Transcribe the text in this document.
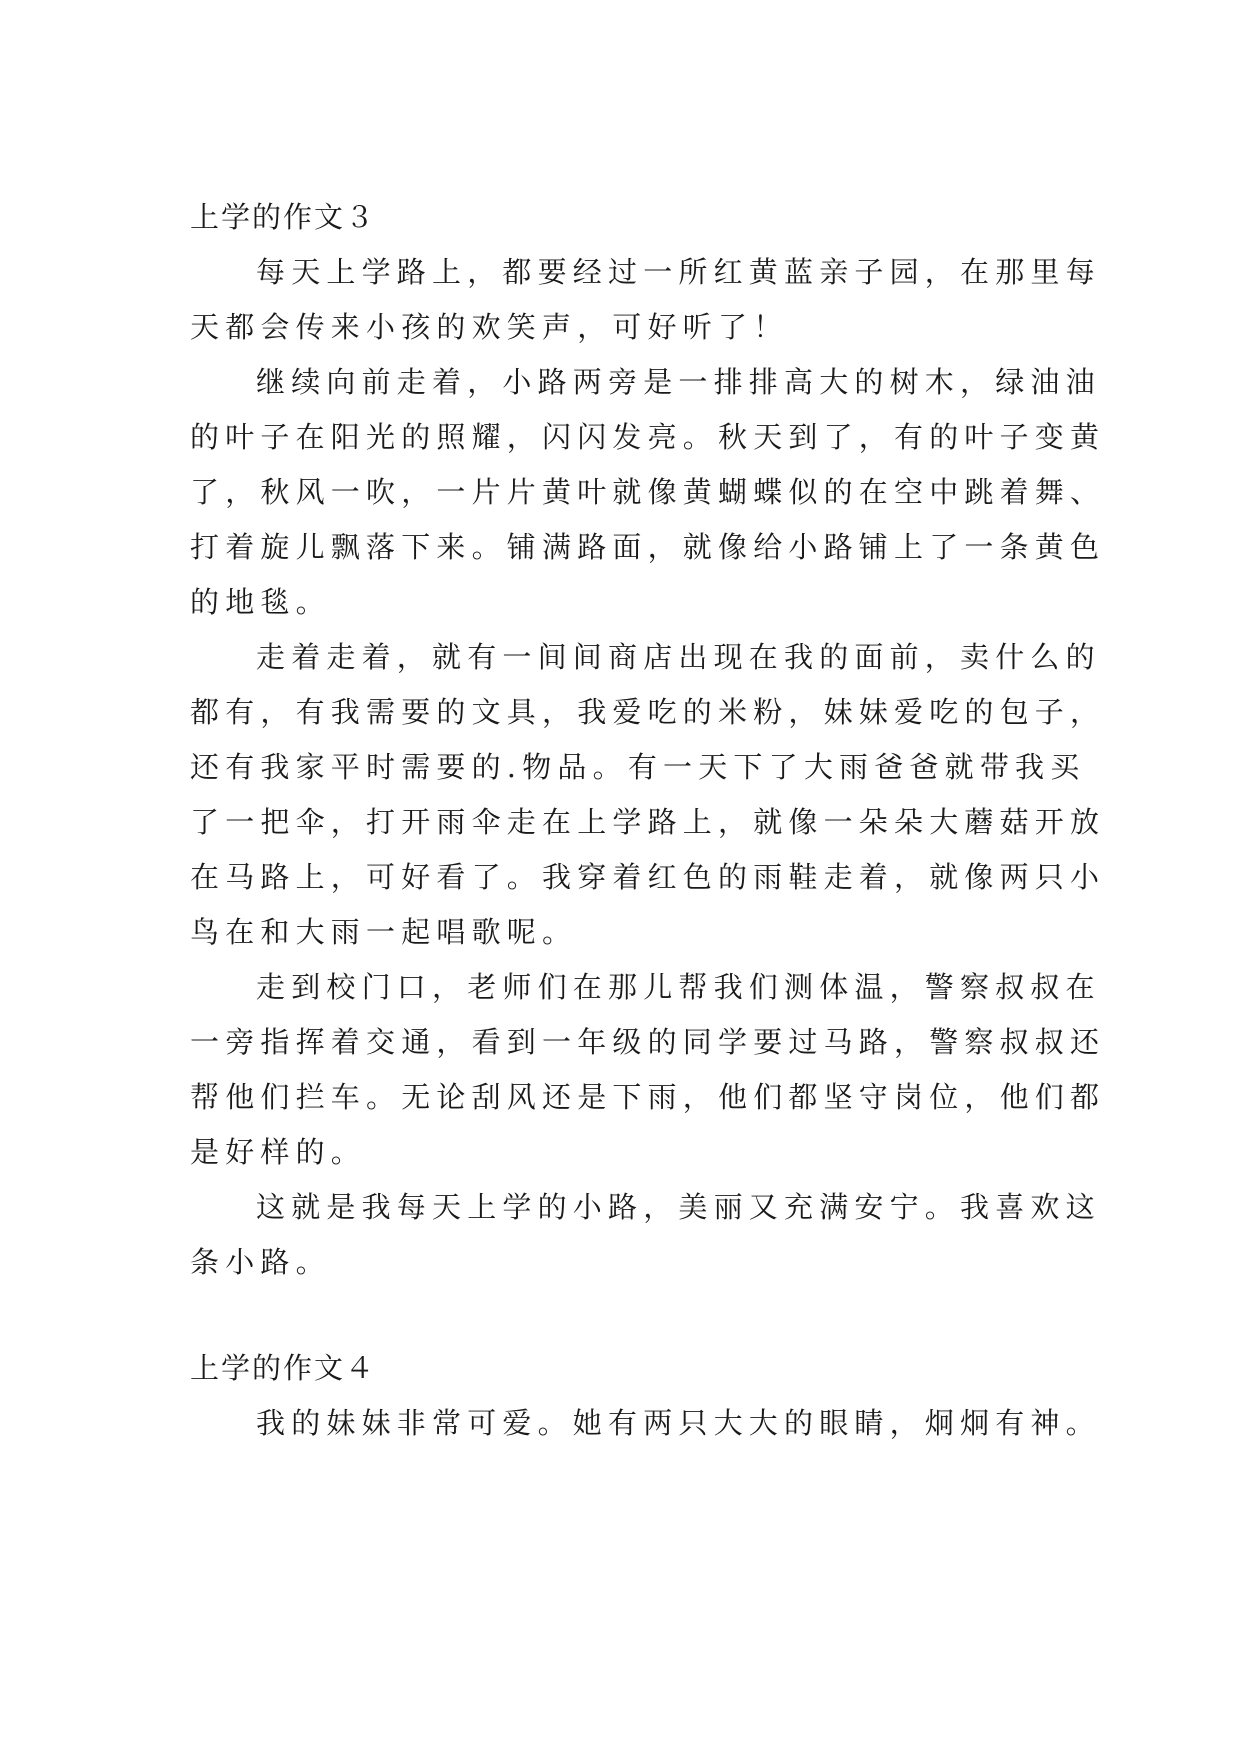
上学的作文３
每天上学路上，都要经过一所红黄蓝亲子园，在那里每
天都会传来小孩的欢笑声，可好听了！
继续向前走着，小路两旁是一排排高大的树木，绿油油
的叶子在阳光的照耀，闪闪发亮。秋天到了，有的叶子变黄
了，秋风一吹，一片片黄叶就像黄蝴蝶似的在空中跳着舞、
打着旋儿飘落下来。铺满路面，就像给小路铺上了一条黄色
的地毯。
走着走着，就有一间间商店出现在我的面前，卖什么的
都有，有我需要的文具，我爱吃的米粉，妹妹爱吃的包子，
还有我家平时需要的.物品。有一天下了大雨爸爸就带我买
了一把伞，打开雨伞走在上学路上，就像一朵朵大蘑菇开放
在马路上，可好看了。我穿着红色的雨鞋走着，就像两只小
鸟在和大雨一起唱歌呢。
走到校门口，老师们在那儿帮我们测体温，警察叔叔在
一旁指挥着交通，看到一年级的同学要过马路，警察叔叔还
帮他们拦车。无论刮风还是下雨，他们都坚守岗位，他们都
是好样的。
这就是我每天上学的小路，美丽又充满安宁。我喜欢这
条小路。
上学的作文４
我的妹妹非常可爱。她有两只大大的眼睛，炯炯有神。
